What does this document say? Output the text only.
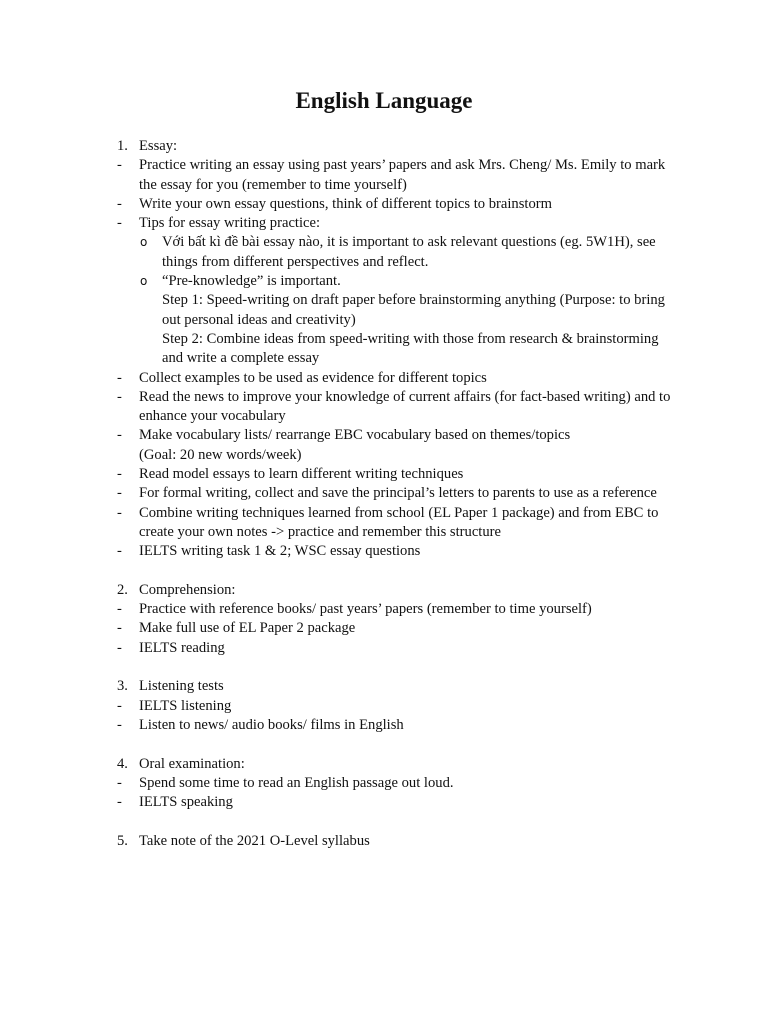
English Language
1. Essay:
- Practice writing an essay using past years’ papers and ask Mrs. Cheng/ Ms. Emily to mark the essay for you (remember to time yourself)
- Write your own essay questions, think of different topics to brainstorm
- Tips for essay writing practice:
o Với bất kì đề bài essay nào, it is important to ask relevant questions (eg. 5W1H), see things from different perspectives and reflect.
o “Pre-knowledge” is important.
Step 1: Speed-writing on draft paper before brainstorming anything (Purpose: to bring out personal ideas and creativity)
Step 2: Combine ideas from speed-writing with those from research & brainstorming and write a complete essay
- Collect examples to be used as evidence for different topics
- Read the news to improve your knowledge of current affairs (for fact-based writing) and to enhance your vocabulary
- Make vocabulary lists/ rearrange EBC vocabulary based on themes/topics
(Goal: 20 new words/week)
- Read model essays to learn different writing techniques
- For formal writing, collect and save the principal’s letters to parents to use as a reference
- Combine writing techniques learned from school (EL Paper 1 package) and from EBC to create your own notes -> practice and remember this structure
- IELTS writing task 1 & 2; WSC essay questions
2. Comprehension:
- Practice with reference books/ past years’ papers (remember to time yourself)
- Make full use of EL Paper 2 package
- IELTS reading
3. Listening tests
- IELTS listening
- Listen to news/ audio books/ films in English
4. Oral examination:
- Spend some time to read an English passage out loud.
- IELTS speaking
5. Take note of the 2021 O-Level syllabus
